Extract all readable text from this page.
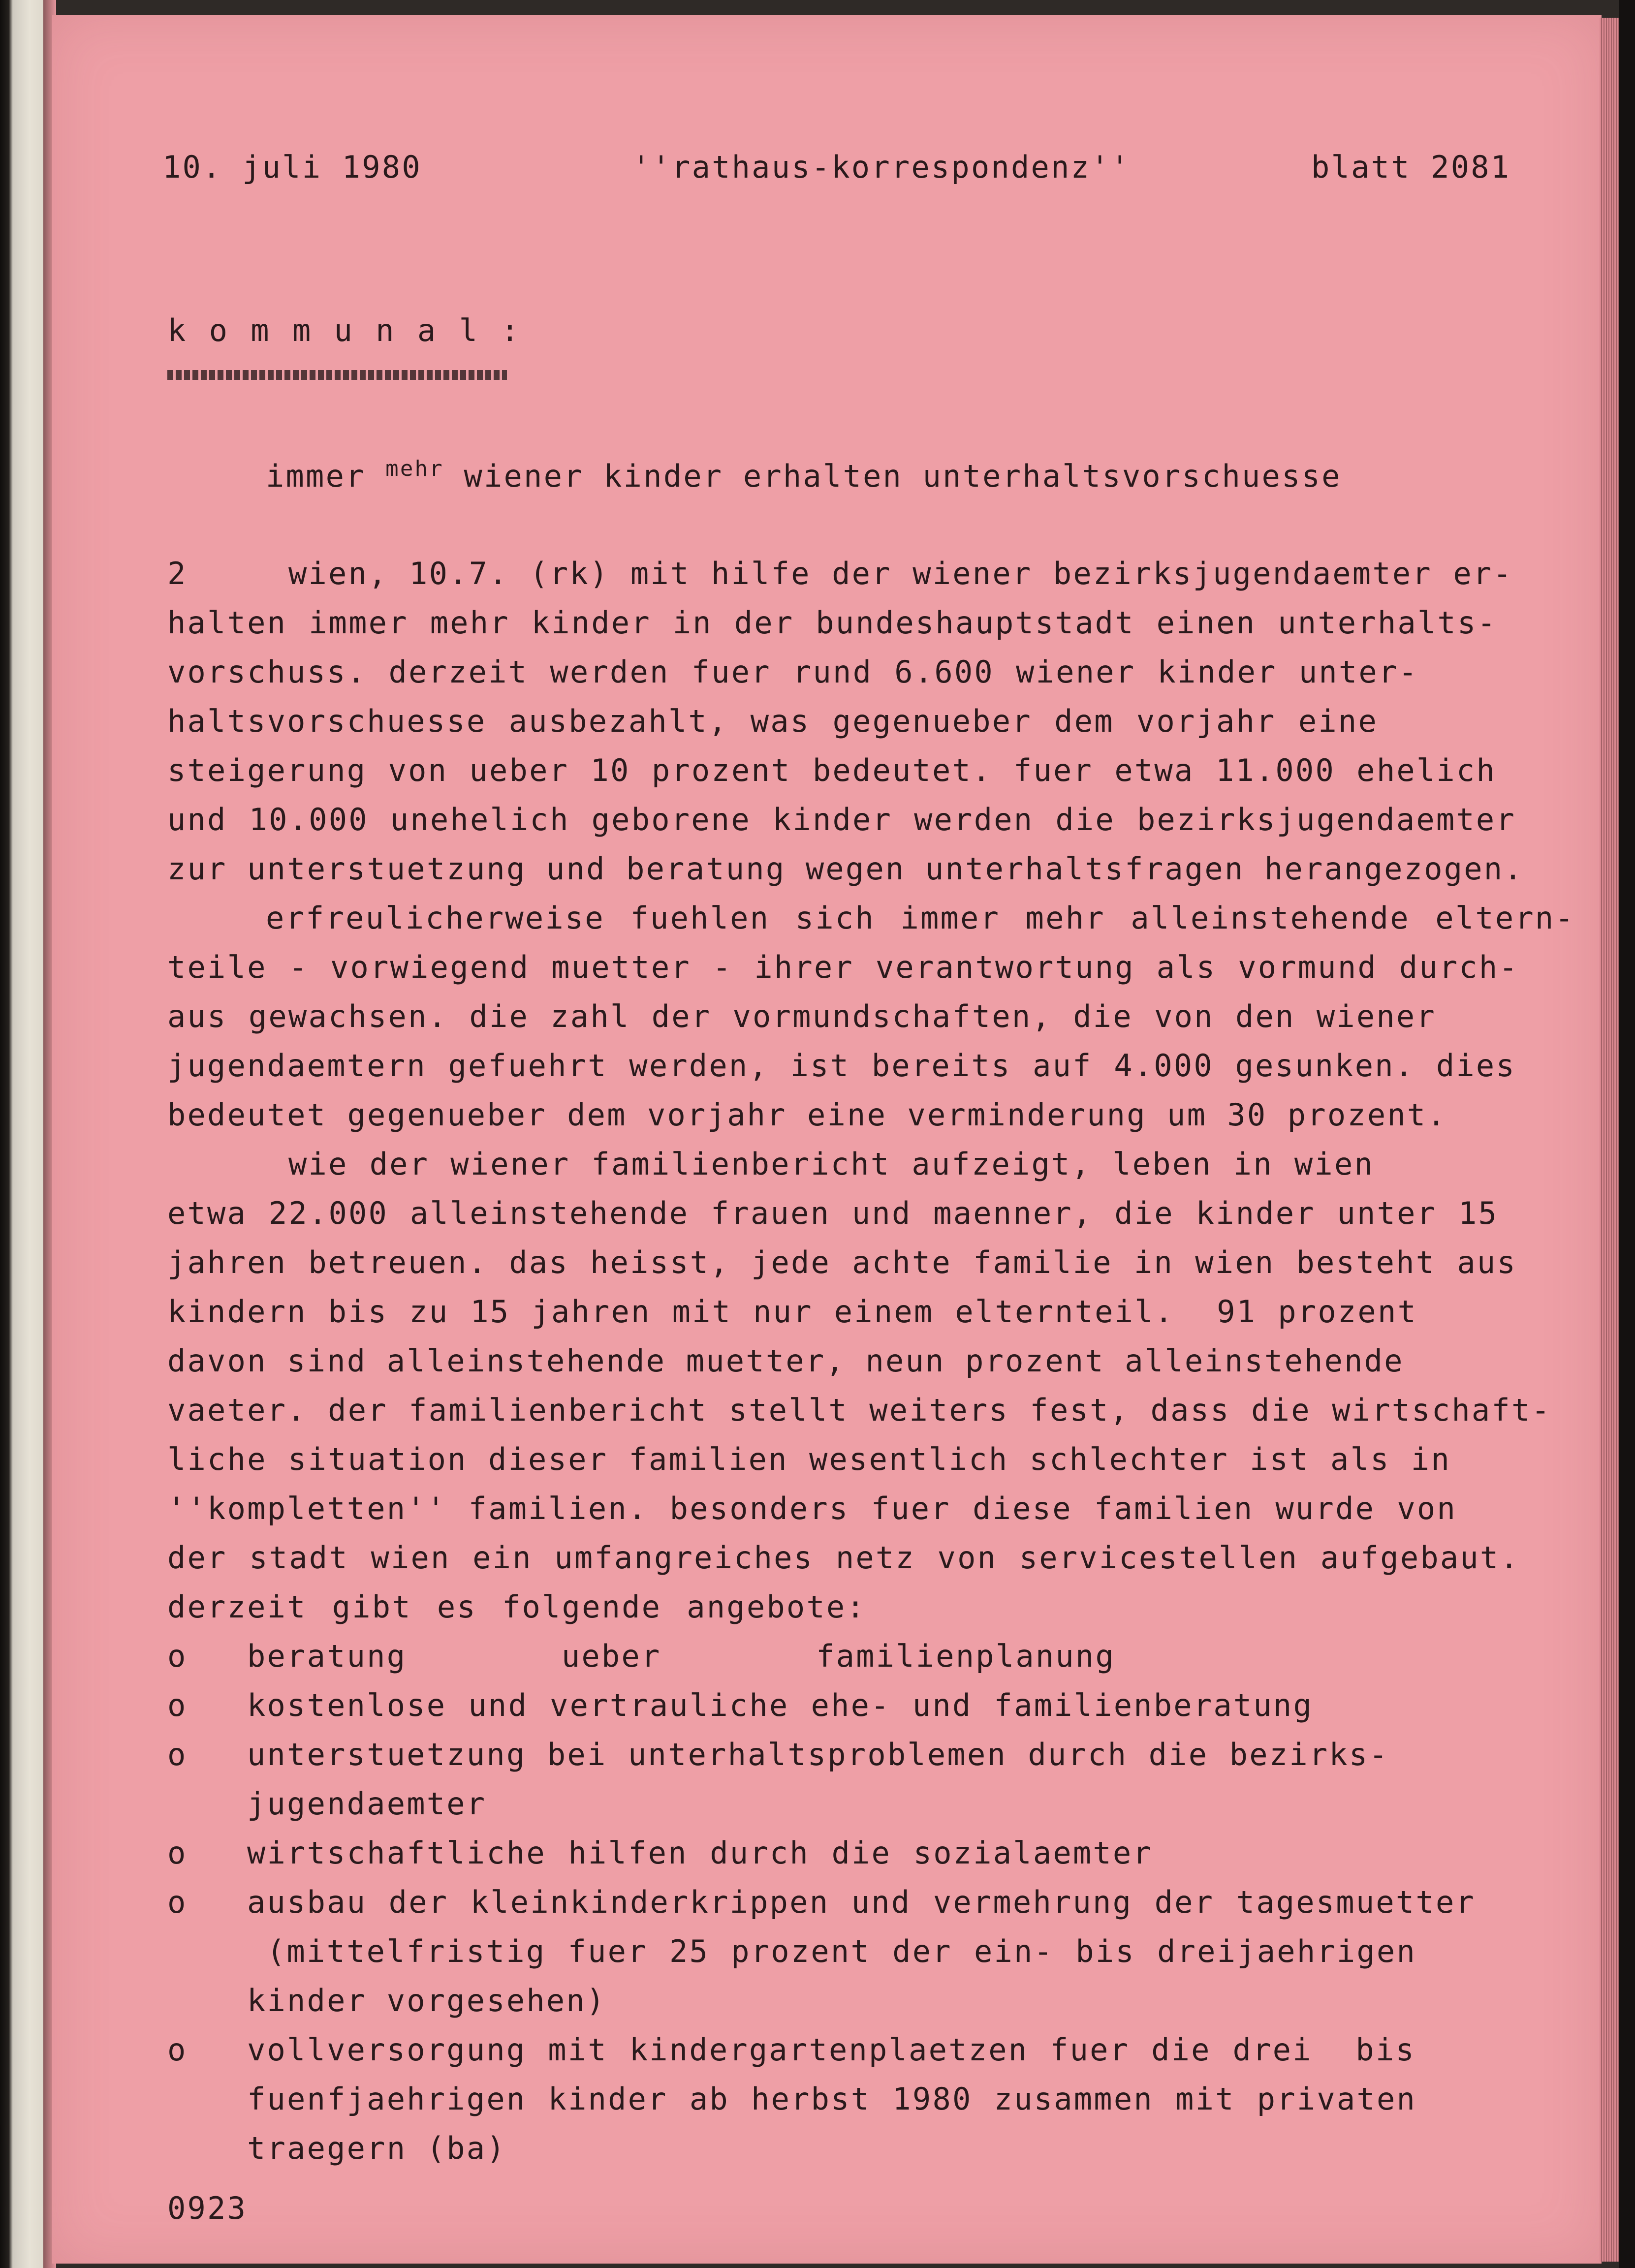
10. juli 1980	''rathaus-korrespondenz''	blatt 2081

k o m m u n a l :

immer $^{mehr}$ wiener kinder erhalten unterhaltsvorschuesse

2	wien, 10.7. (rk) mit hilfe der wiener bezirksjugendaemter er-

halten immer mehr kinder in der bundeshauptstadt einen unterhalts-

vorschuss. derzeit werden fuer rund 6.600 wiener kinder unter-

haltsvorschuesse ausbezahlt, was gegenueber dem vorjahr eine

steigerung von ueber 10 prozent bedeutet. fuer etwa 11.000 ehelich

und 10.000 unehelich geborene kinder werden die bezirksjugendaemter

zur unterstuetzung und beratung wegen unterhaltsfragen herangezogen.

erfreulicherweise fuehlen sich immer mehr alleinstehende eltern-

teile - vorwiegend muetter - ihrer verantwortung als vormund durch-

aus gewachsen. die zahl der vormundschaften, die von den wiener

jugendaemtern gefuehrt werden, ist bereits auf 4.000 gesunken. dies

bedeutet gegenueber dem vorjahr eine verminderung um 30 prozent.

wie der wiener familienbericht aufzeigt, leben in wien

etwa 22.000 alleinstehende frauen und maenner, die kinder unter 15

jahren betreuen. das heisst, jede achte familie in wien besteht aus

kindern bis zu 15 jahren mit nur einem elternteil.  91 prozent

davon sind alleinstehende muetter, neun prozent alleinstehende

vaeter. der familienbericht stellt weiters fest, dass die wirtschaft-

liche situation dieser familien wesentlich schlechter ist als in

''kompletten'' familien. besonders fuer diese familien wurde von

der stadt wien ein umfangreiches netz von servicestellen aufgebaut.

derzeit gibt es folgende angebote:

o beratung ueber familienplanung

o kostenlose und vertrauliche ehe- und familienberatung

o unterstuetzung bei unterhaltsproblemen durch die bezirks-

jugendaemter

o wirtschaftliche hilfen durch die sozialaemter

o ausbau der kleinkinderkrippen und vermehrung der tagesmuetter

(mittelfristig fuer 25 prozent der ein- bis dreijaehrigen

kinder vorgesehen)

o vollversorgung mit kindergartenplaetzen fuer die drei  bis

fuenfjaehrigen kinder ab herbst 1980 zusammen mit privaten

traegern (ba)

0923
